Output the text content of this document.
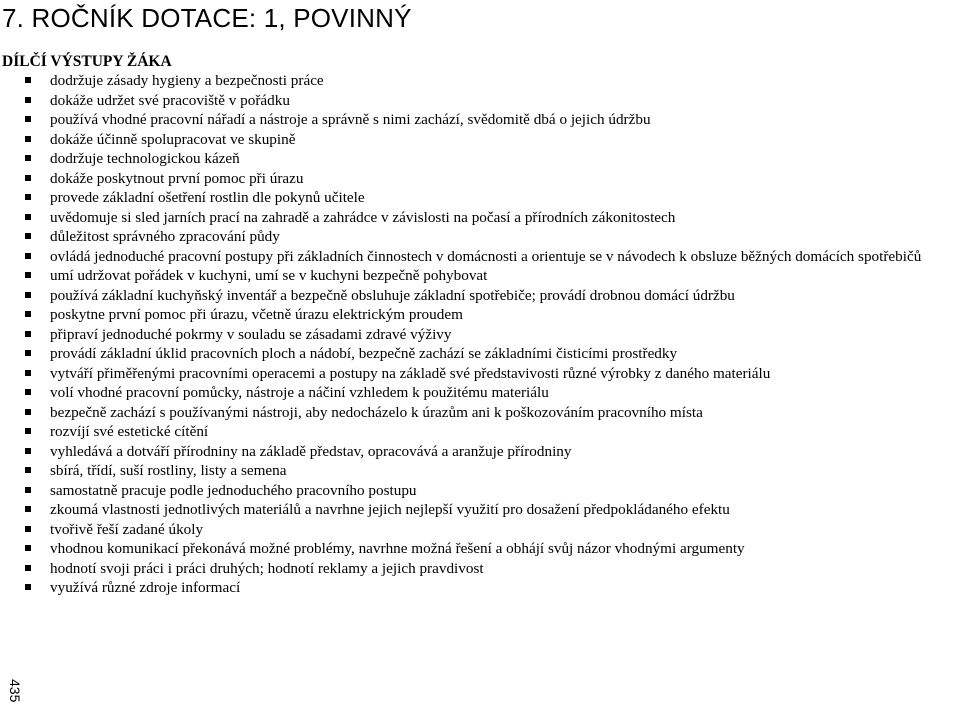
7. ROČNÍK DOTACE: 1, POVINNÝ
DÍLČÍ VÝSTUPY ŽÁKA
dodržuje zásady hygieny a bezpečnosti práce
dokáže udržet své pracoviště v pořádku
používá vhodné pracovní nářadí a nástroje a správně s nimi zachází, svědomitě dbá o jejich údržbu
dokáže účinně spolupracovat ve skupině
dodržuje technologickou kázeň
dokáže poskytnout první pomoc při úrazu
provede základní ošetření rostlin dle pokynů učitele
uvědomuje si sled jarních prací na zahradě a zahrádce v závislosti na počasí a přírodních zákonitostech
důležitost správného zpracování půdy
ovládá jednoduché pracovní postupy při základních činnostech v domácnosti a orientuje se v návodech k obsluze běžných domácích spotřebičů
umí udržovat pořádek v kuchyni, umí se v kuchyni bezpečně pohybovat
používá základní kuchyňský inventář a bezpečně obsluhuje základní spotřebiče; provádí drobnou domácí údržbu
poskytne první pomoc při úrazu, včetně úrazu elektrickým proudem
připraví jednoduché pokrmy v souladu se zásadami zdravé výživy
provádí základní úklid pracovních ploch a nádobí, bezpečně zachází se základními čisticími prostředky
vytváří přiměřenými pracovními operacemi a postupy na základě své představivosti různé výrobky z daného materiálu
volí vhodné pracovní pomůcky, nástroje a náčiní vzhledem k použitému materiálu
bezpečně zachází s používanými nástroji, aby nedocházelo k úrazům ani k poškozováním pracovního místa
rozvíjí své estetické cítění
vyhledává a dotváří přírodniny na základě představ, opracovává a aranžuje přírodniny
sbírá, třídí, suší rostliny, listy a semena
samostatně pracuje podle jednoduchého pracovního postupu
zkoumá vlastnosti jednotlivých materiálů a navrhne jejich nejlepší využití pro dosažení předpokládaného efektu
tvořivě řeší zadané úkoly
vhodnou komunikací překonává možné problémy, navrhne možná řešení a obhájí svůj názor vhodnými argumenty
hodnotí svoji práci i práci druhých; hodnotí reklamy a jejich pravdivost
využívá různé zdroje informací
435
